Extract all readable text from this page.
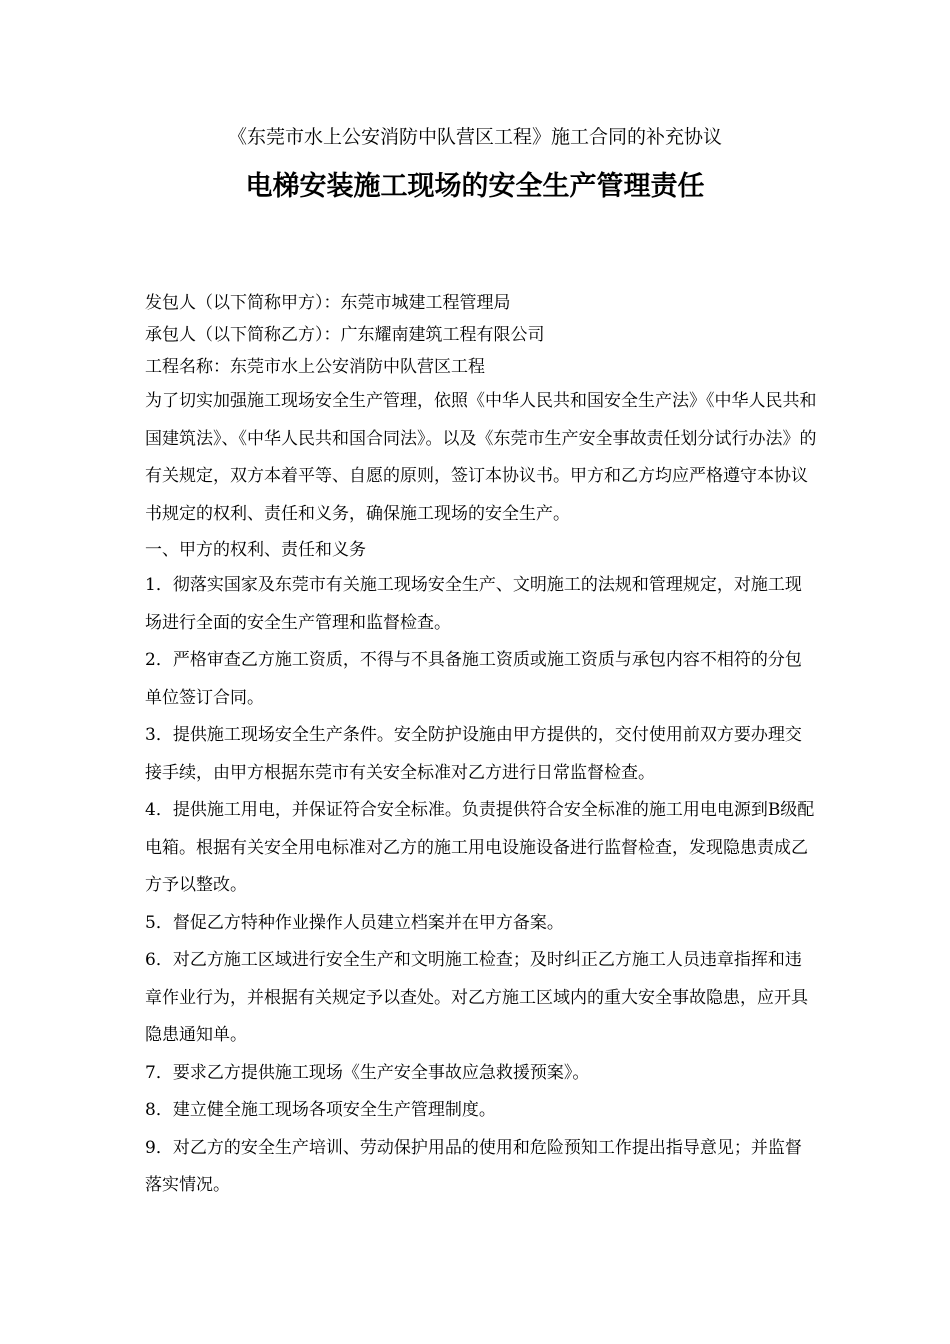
《东莞市水上公安消防中队营区工程》施工合同的补充协议
电梯安装施工现场的安全生产管理责任
发包人（以下简称甲方）：东莞市城建工程管理局
承包人（以下简称乙方）：广东耀南建筑工程有限公司
工程名称：东莞市水上公安消防中队营区工程

为了切实加强施工现场安全生产管理，依照《中华人民共和国安全生产法》《中华人民共和国建筑法》、《中华人民共和国合同法》。以及《东莞市生产安全事故责任划分试行办法》的有关规定，双方本着平等、自愿的原则，签订本协议书。甲方和乙方均应严格遵守本协议书规定的权利、责任和义务，确保施工现场的安全生产。

一、甲方的权利、责任和义务

1．彻落实国家及东莞市有关施工现场安全生产、文明施工的法规和管理规定，对施工现场进行全面的安全生产管理和监督检查。

2．严格审查乙方施工资质，不得与不具备施工资质或施工资质与承包内容不相符的分包单位签订合同。

3．提供施工现场安全生产条件。安全防护设施由甲方提供的，交付使用前双方要办理交接手续，由甲方根据东莞市有关安全标准对乙方进行日常监督检查。

4．提供施工用电，并保证符合安全标准。负责提供符合安全标准的施工用电电源到B级配电箱。根据有关安全用电标准对乙方的施工用电设施设备进行监督检查，发现隐患责成乙方予以整改。

5．督促乙方特种作业操作人员建立档案并在甲方备案。

6．对乙方施工区域进行安全生产和文明施工检查；及时纠正乙方施工人员违章指挥和违章作业行为，并根据有关规定予以查处。对乙方施工区域内的重大安全事故隐患，应开具隐患通知单。

7．要求乙方提供施工现场《生产安全事故应急救援预案》。

8．建立健全施工现场各项安全生产管理制度。

9．对乙方的安全生产培训、劳动保护用品的使用和危险预知工作提出指导意见；并监督落实情况。
